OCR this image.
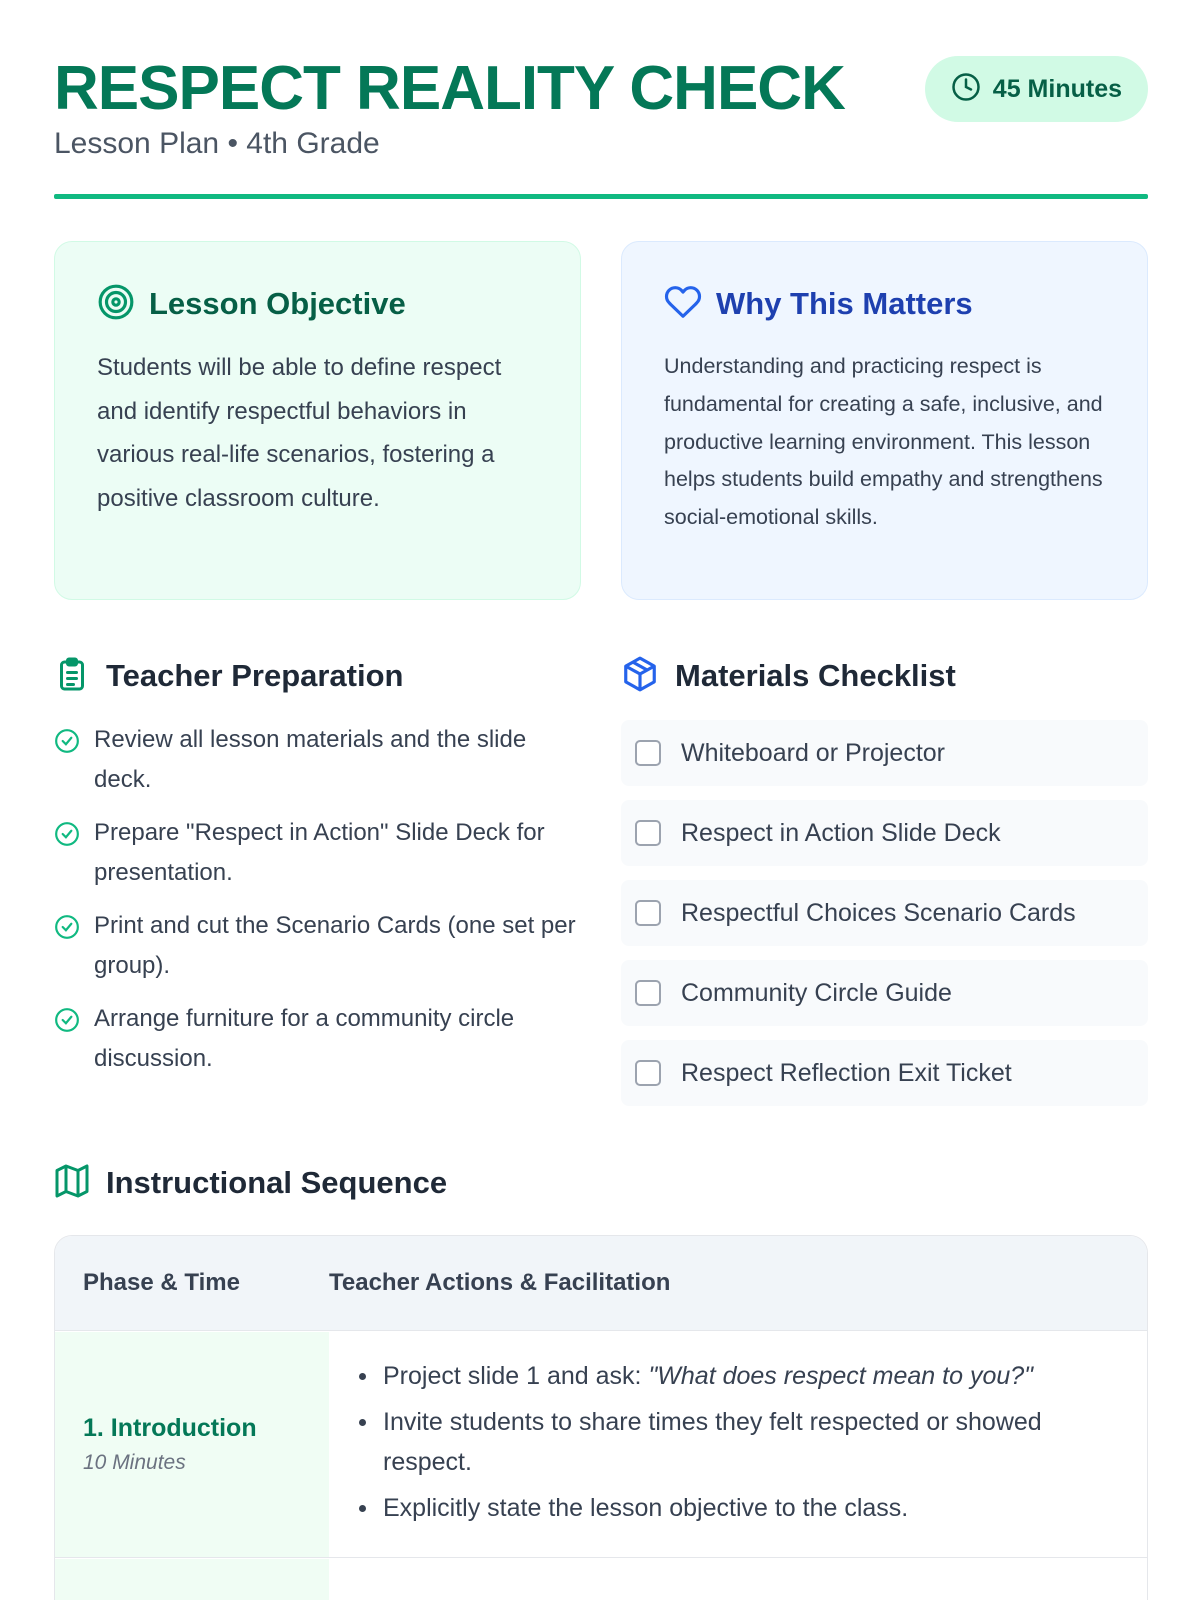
RESPECT REALITY CHECK
Lesson Plan • 4th Grade
45 Minutes
Lesson Objective

Students will be able to define respect and identify respectful behaviors in various real-life scenarios, fostering a positive classroom culture.

Why This Matters

Understanding and practicing respect is fundamental for creating a safe, inclusive, and productive learning environment. This lesson helps students build empathy and strengthens social-emotional skills.

Teacher Preparation
Review all lesson materials and the slide deck.
Prepare "Respect in Action" Slide Deck for presentation.
Print and cut the Scenario Cards (one set per group).
Arrange furniture for a community circle discussion.
Materials Checklist
Whiteboard or Projector
Respect in Action Slide Deck
Respectful Choices Scenario Cards
Community Circle Guide
Respect Reflection Exit Ticket
Instructional Sequence
Phase & Time	Teacher Actions & Facilitation
1. Introduction
10 Minutes
Project slide 1 and ask: "What does respect mean to you?"
Invite students to share times they felt respected or showed respect.
Explicitly state the lesson objective to the class.
